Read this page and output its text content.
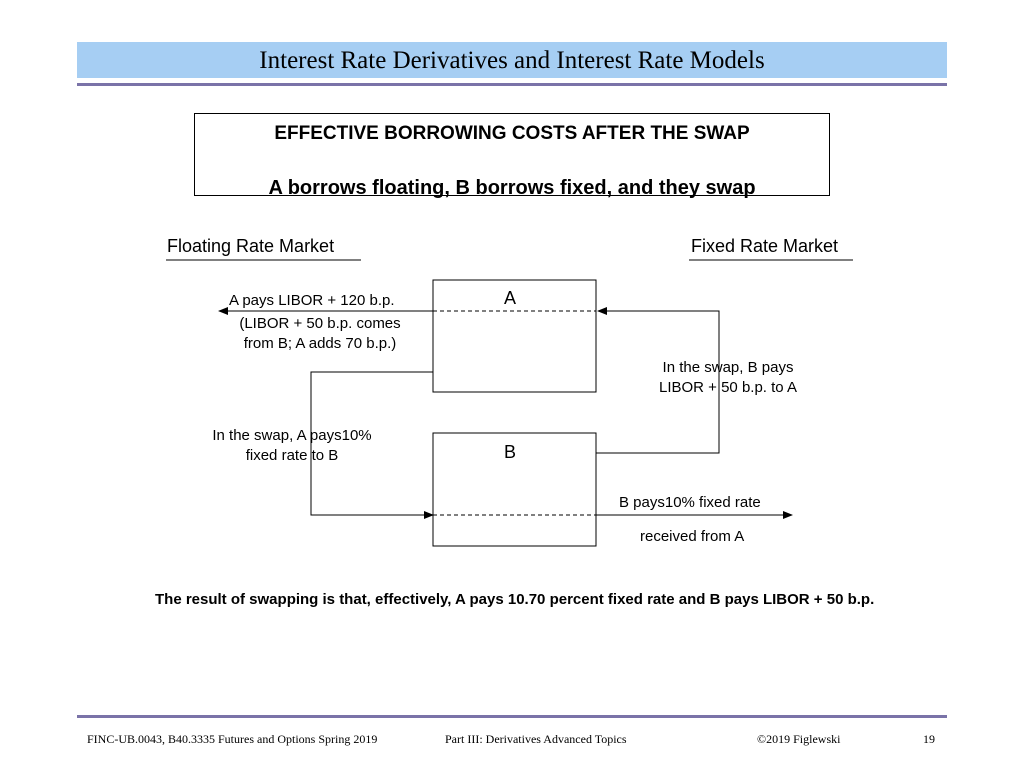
Interest Rate Derivatives and Interest Rate Models
EFFECTIVE BORROWING COSTS AFTER THE SWAP
A borrows floating, B borrows fixed, and they swap
Floating Rate Market	Fixed Rate Market
A
B
A pays LIBOR + 120 b.p.
(LIBOR + 50 b.p. comes
from B; A adds 70 b.p.)
In the swap, B pays
LIBOR + 50 b.p. to A
In the swap, A pays10%
fixed rate to B
B pays10% fixed rate
received from A
The result of swapping is that, effectively, A pays 10.70 percent fixed rate and B pays LIBOR + 50 b.p.
FINC-UB.0043, B40.3335 Futures and Options Spring 2019	Part III: Derivatives Advanced Topics	©2019 Figlewski	19
